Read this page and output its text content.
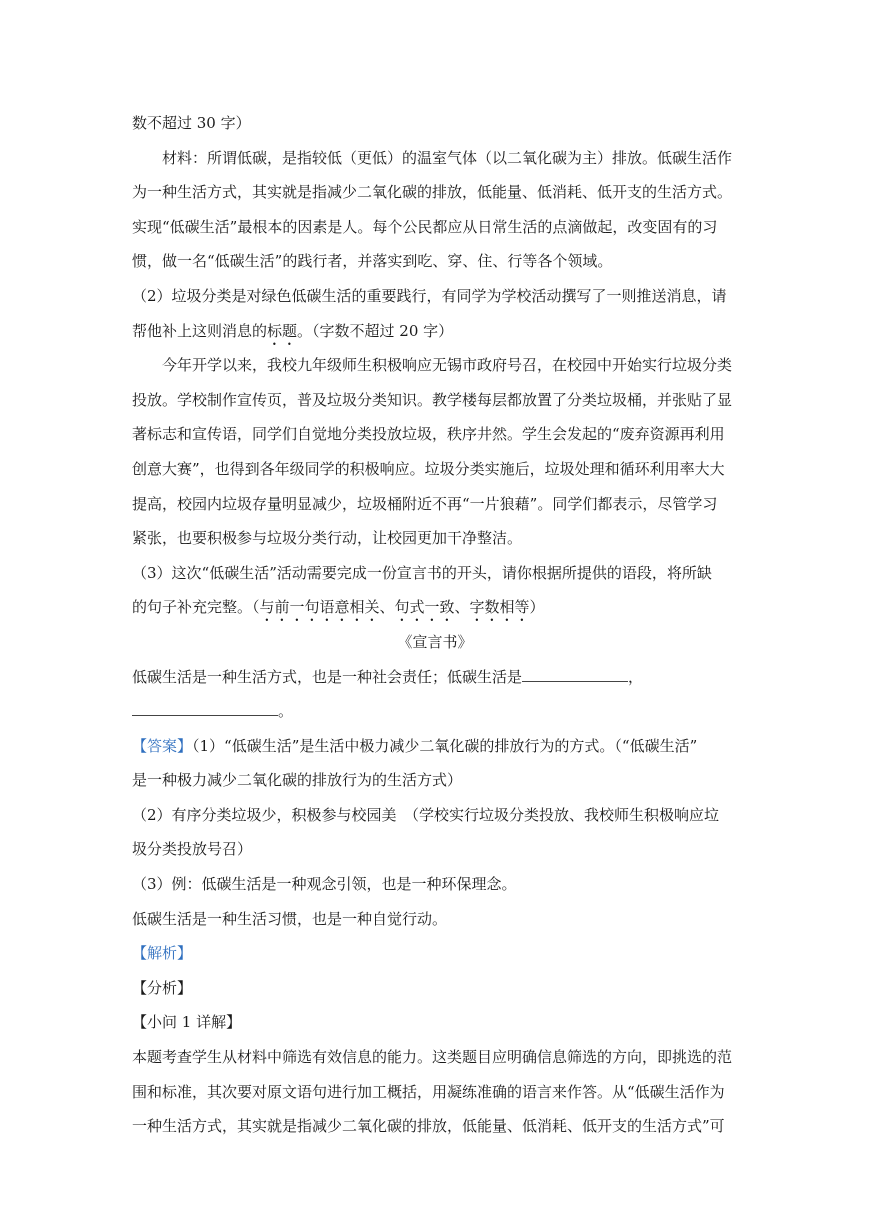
数不超过 30 字）
材料：所谓低碳，是指较低（更低）的温室气体（以二氧化碳为主）排放。低碳生活作
为一种生活方式，其实就是指减少二氧化碳的排放，低能量、低消耗、低开支的生活方式。
实现“低碳生活”最根本的因素是人。每个公民都应从日常生活的点滴做起，改变固有的习
惯，做一名“低碳生活”的践行者，并落实到吃、穿、住、行等各个领域。
（2）垃圾分类是对绿色低碳生活的重要践行，有同学为学校活动撰写了一则推送消息，请
帮他补上这则消息的标题。（字数不超过 20 字）
今年开学以来，我校九年级师生积极响应无锡市政府号召，在校园中开始实行垃圾分类
投放。学校制作宣传页，普及垃圾分类知识。教学楼每层都放置了分类垃圾桶，并张贴了显
著标志和宣传语，同学们自觉地分类投放垃圾，秩序井然。学生会发起的“废弃资源再利用
创意大赛”，也得到各年级同学的积极响应。垃圾分类实施后，垃圾处理和循环利用率大大
提高，校园内垃圾存量明显减少，垃圾桶附近不再“一片狼藉”。同学们都表示，尽管学习
紧张，也要积极参与垃圾分类行动，让校园更加干净整洁。
（3）这次“低碳生活”活动需要完成一份宣言书的开头，请你根据所提供的语段，将所缺
的句子补充完整。（与前一句语意相关、句式一致、字数相等）
《宣言书》
低碳生活是一种生活方式，也是一种社会责任；低碳生活是	，
。
【答案】（1）“低碳生活”是生活中极力减少二氧化碳的排放行为的方式。（“低碳生活”
是一种极力减少二氧化碳的排放行为的生活方式）
（2）有序分类垃圾少，积极参与校园美　（学校实行垃圾分类投放、我校师生积极响应垃
圾分类投放号召）
（3）例：低碳生活是一种观念引领，也是一种环保理念。
低碳生活是一种生活习惯，也是一种自觉行动。
【解析】
【分析】
【小问 1 详解】
本题考查学生从材料中筛选有效信息的能力。这类题目应明确信息筛选的方向，即挑选的范
围和标准，其次要对原文语句进行加工概括，用凝练准确的语言来作答。从“低碳生活作为
一种生活方式，其实就是指减少二氧化碳的排放，低能量、低消耗、低开支的生活方式”可
